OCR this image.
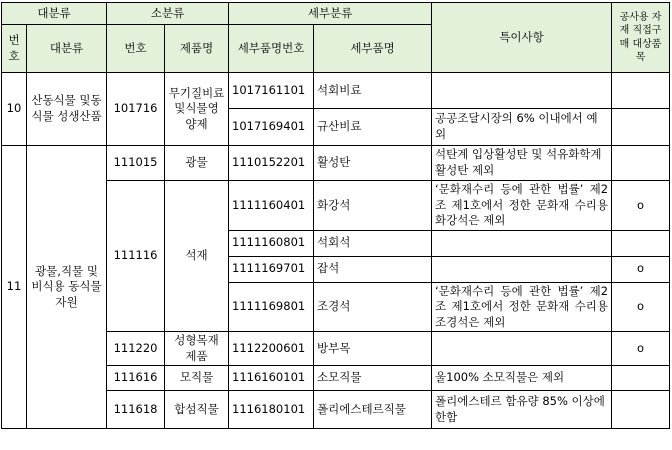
대분류		소분류		세부분류		특이사항	공사용 자재 직접구매 대상품목
번호	대분류	번호	제품명	세부품명번호	세부품명		
10	산동식물 및동식물 성생산품	101716	무기질비료 및식물영 양제	1017161101	석회비료		
				1017169401	규산비료	공공조달시장의 6% 이내에서 예외	
11	광물,직물 및비식용 동식물자원	111015	광물	1110152201	활성탄	석탄계 입상활성탄 및 석유화학계활성탄 제외	
		111116	석재	1111160401	화강석	‘문화재수리 등에 관한 법률’ 제2조 제1호에서 정한 문화재 수리용 화강석은 제외	o
				1111160801	석회석		
				1111169701	잡석		o
				1111169801	조경석	‘문화재수리 등에 관한 법률’ 제2조 제1호에서 정한 문화재 수리용 조경석은 제외	o
		111220	성형목재 제품	1112200601	방부목		o
		111616	모직물	1116160101	소모직물	울100% 소모직물은 제외	
		111618	합섬직물	1116180101	폴리에스테르직물	폴리에스테르 함유량 85% 이상에 한함	
